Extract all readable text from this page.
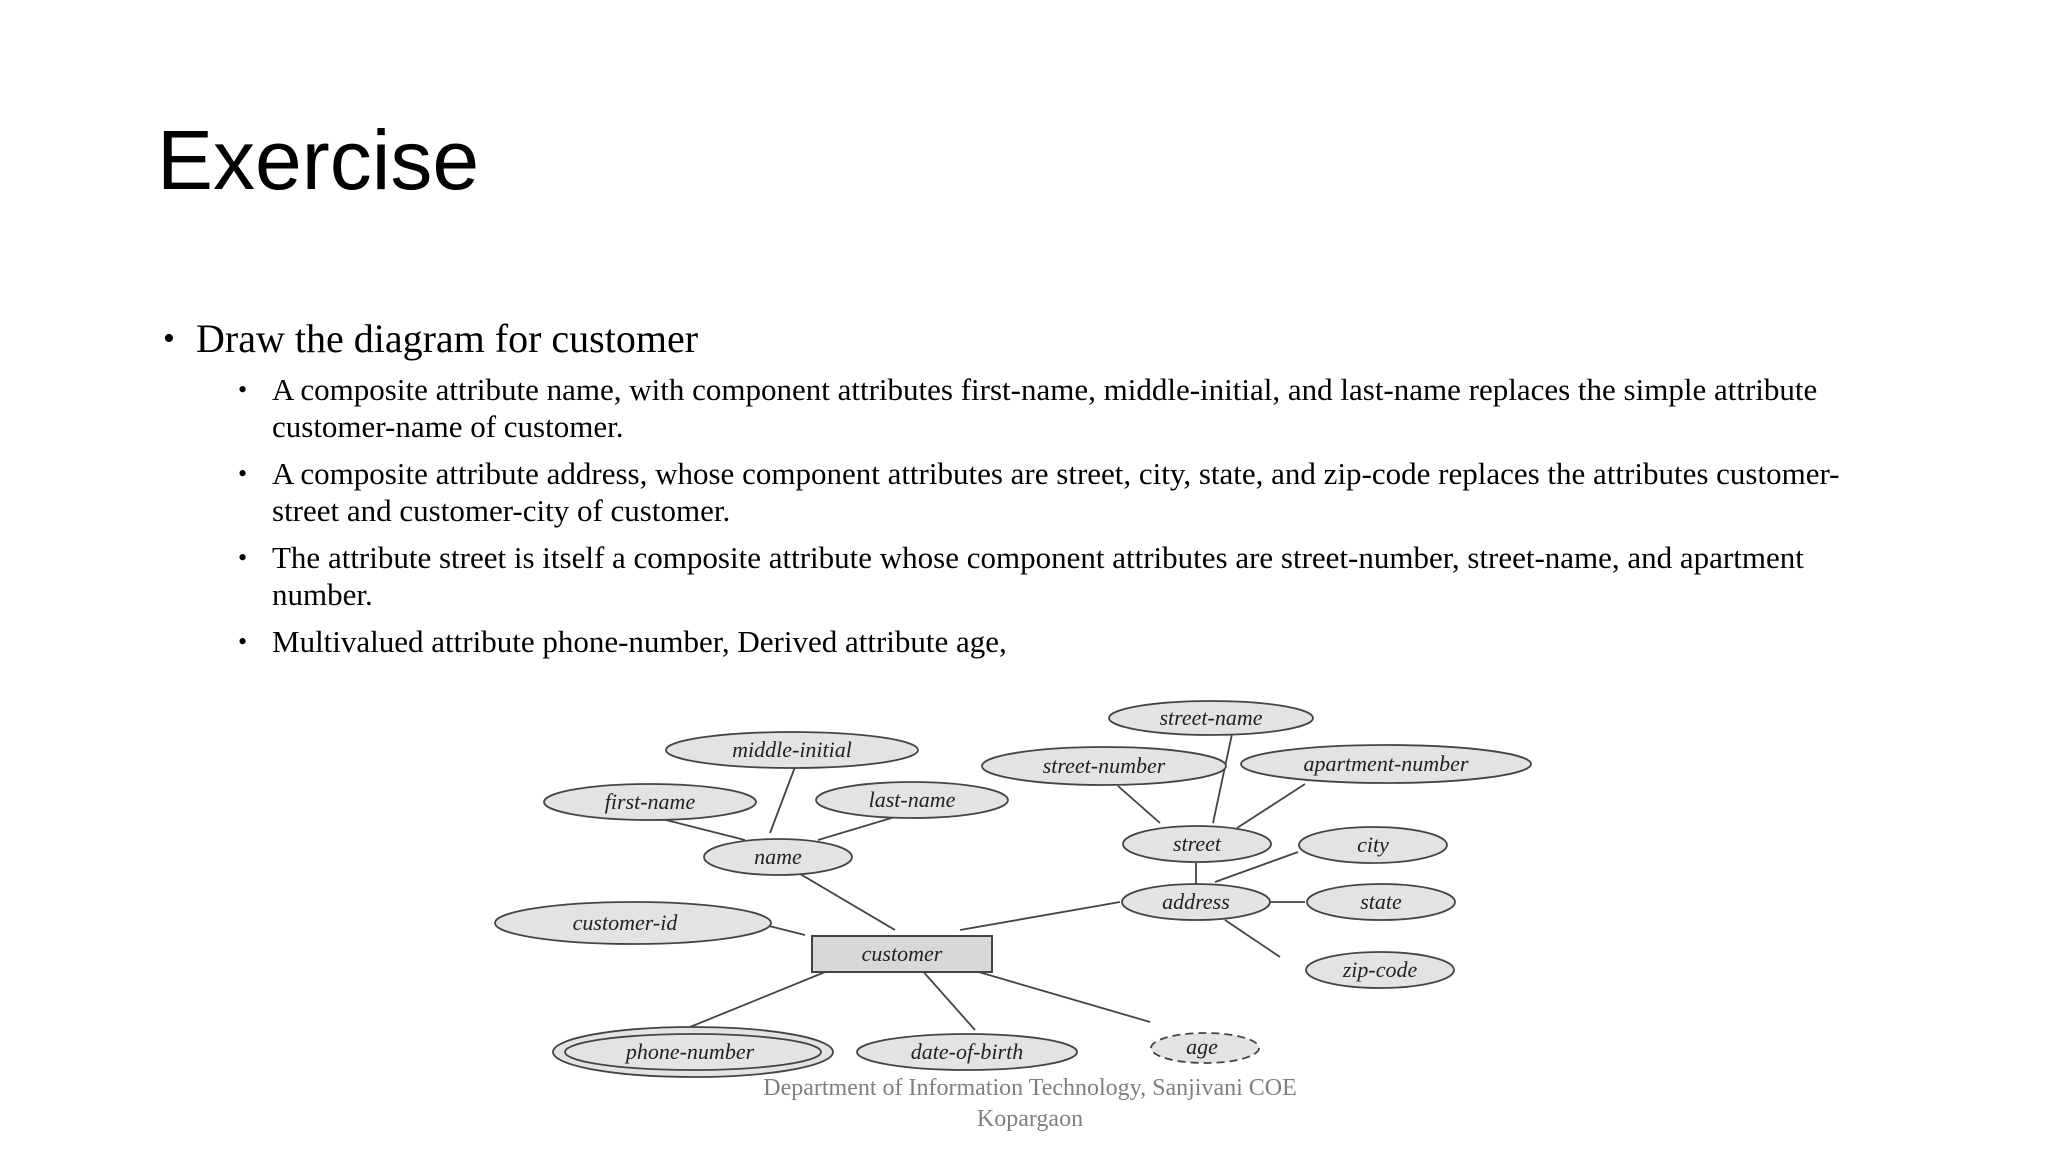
Exercise
• Draw the diagram for customer
• A composite attribute name, with component attributes first-name, middle-initial, and last-name replaces the simple attribute customer-name of customer.
• A composite attribute address, whose component attributes are street, city, state, and zip-code replaces the attributes customer-street and customer-city of customer.
• The attribute street is itself a composite attribute whose component attributes are street-number, street-name, and apartment number.
• Multivalued attribute phone-number, Derived attribute age,
middle-initial
first-name	last-name
name
customer-id
customer
phone-number	date-of-birth	age
street-name
street-number	apartment-number
street	city
address	state
zip-code
Department of Information Technology, Sanjivani COE
Kopargaon
